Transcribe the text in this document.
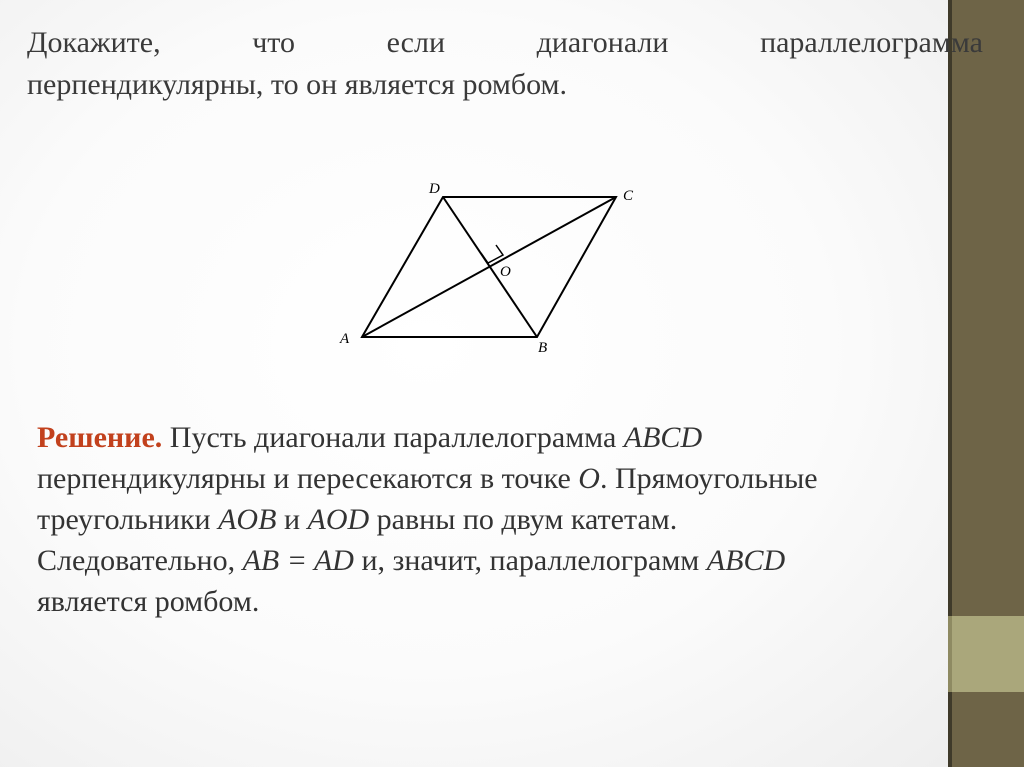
Докажите,	что	если	диагонали	параллелограмма
перпендикулярны, то он является ромбом.
A
B
C
D
O
Решение. Пусть диагонали параллелограмма ABCD
перпендикулярны и пересекаются в точке O. Прямоугольные
треугольники AOB и AOD равны по двум катетам.
Следовательно, AB = AD и, значит, параллелограмм ABCD
является ромбом.
